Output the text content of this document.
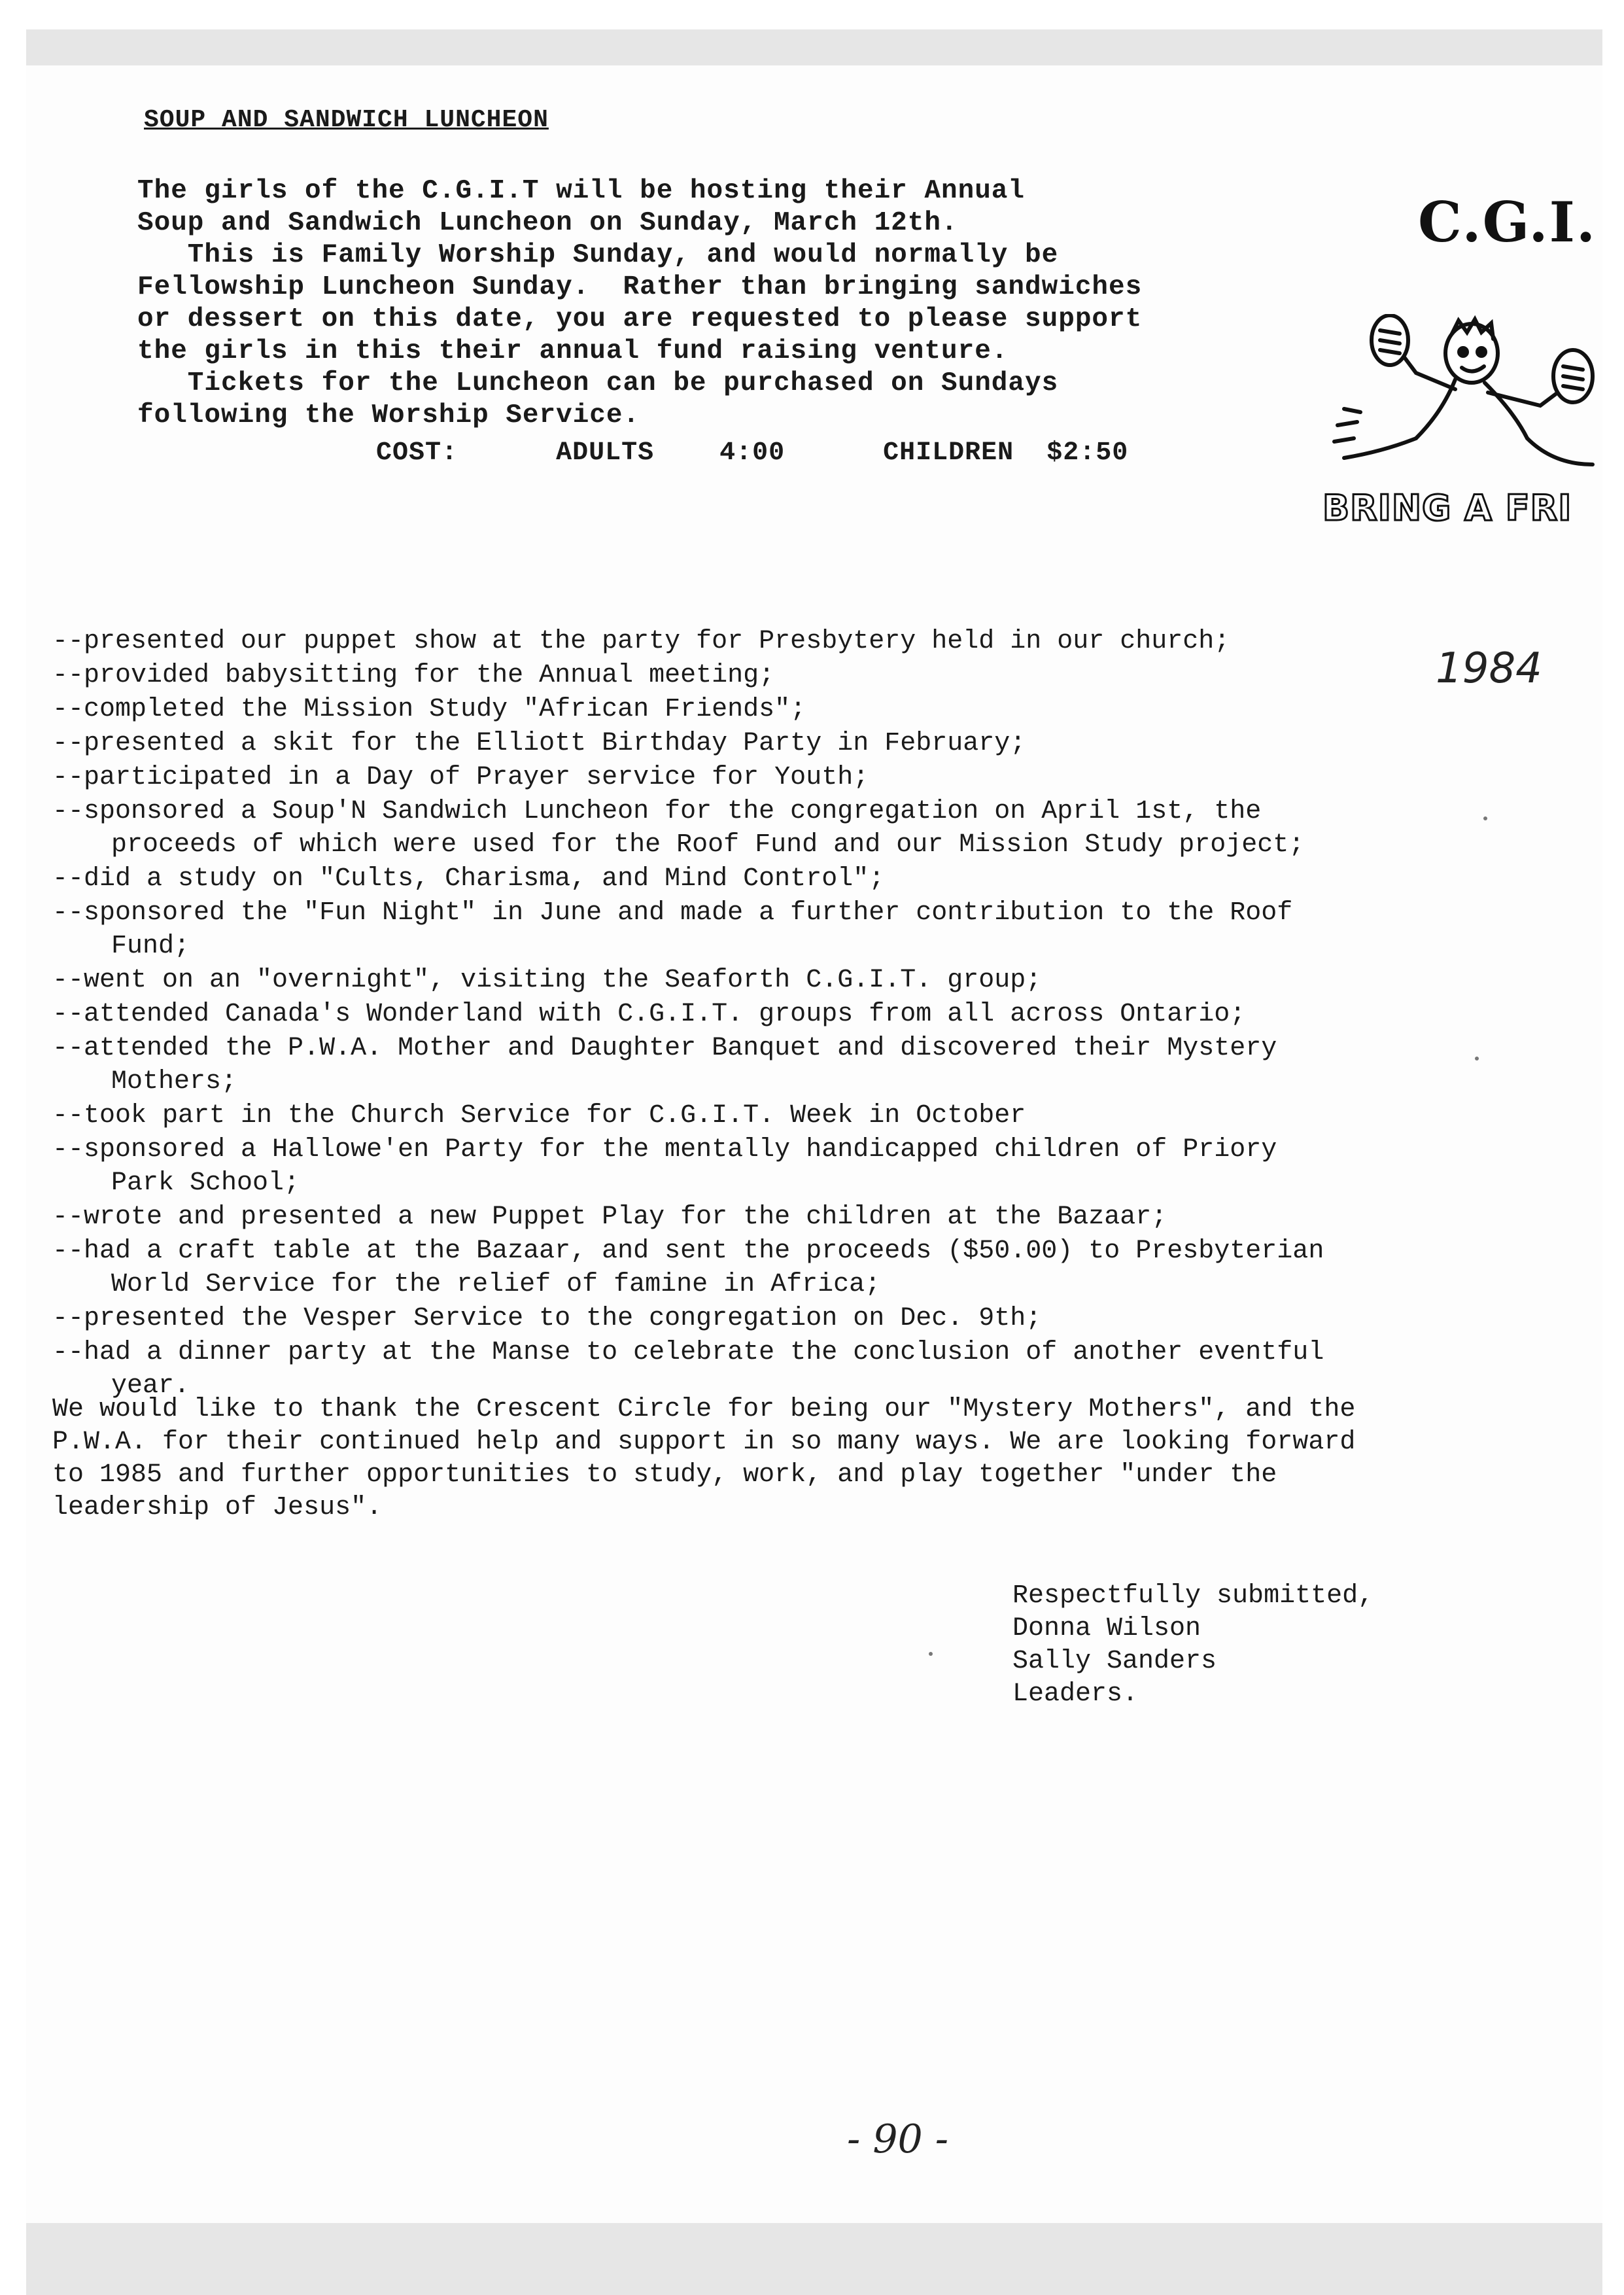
SOUP AND SANDWICH LUNCHEON
The girls of the C.G.I.T will be hosting their Annual
Soup and Sandwich Luncheon on Sunday, March 12th.
This is Family Worship Sunday, and would normally be
Fellowship Luncheon Sunday.  Rather than bringing sandwiches
or dessert on this date, you are requested to please support
the girls in this their annual fund raising venture.
Tickets for the Luncheon can be purchased on Sundays
following the Worship Service.
COST:	ADULTS	4:00	CHILDREN $2:50
C.G.I.
BRING A FRI
1984
--presented our puppet show at the party for Presbytery held in our church;
--provided babysitting for the Annual meeting;
--completed the Mission Study "African Friends";
--presented a skit for the Elliott Birthday Party in February;
--participated in a Day of Prayer service for Youth;
--sponsored a Soup'N Sandwich Luncheon for the congregation on April 1st, the
proceeds of which were used for the Roof Fund and our Mission Study project;
--did a study on "Cults, Charisma, and Mind Control";
--sponsored the "Fun Night" in June and made a further contribution to the Roof
Fund;
--went on an "overnight", visiting the Seaforth C.G.I.T. group;
--attended Canada's Wonderland with C.G.I.T. groups from all across Ontario;
--attended the P.W.A. Mother and Daughter Banquet and discovered their Mystery
Mothers;
--took part in the Church Service for C.G.I.T. Week in October
--sponsored a Hallowe'en Party for the mentally handicapped children of Priory
Park School;
--wrote and presented a new Puppet Play for the children at the Bazaar;
--had a craft table at the Bazaar, and sent the proceeds ($50.00) to Presbyterian
World Service for the relief of famine in Africa;
--presented the Vesper Service to the congregation on Dec. 9th;
--had a dinner party at the Manse to celebrate the conclusion of another eventful
year.
We would like to thank the Crescent Circle for being our "Mystery Mothers", and the
P.W.A. for their continued help and support in so many ways. We are looking forward
to 1985 and further opportunities to study, work, and play together "under the
leadership of Jesus".
Respectfully submitted,
Donna Wilson
Sally Sanders
Leaders.
- 90 -
